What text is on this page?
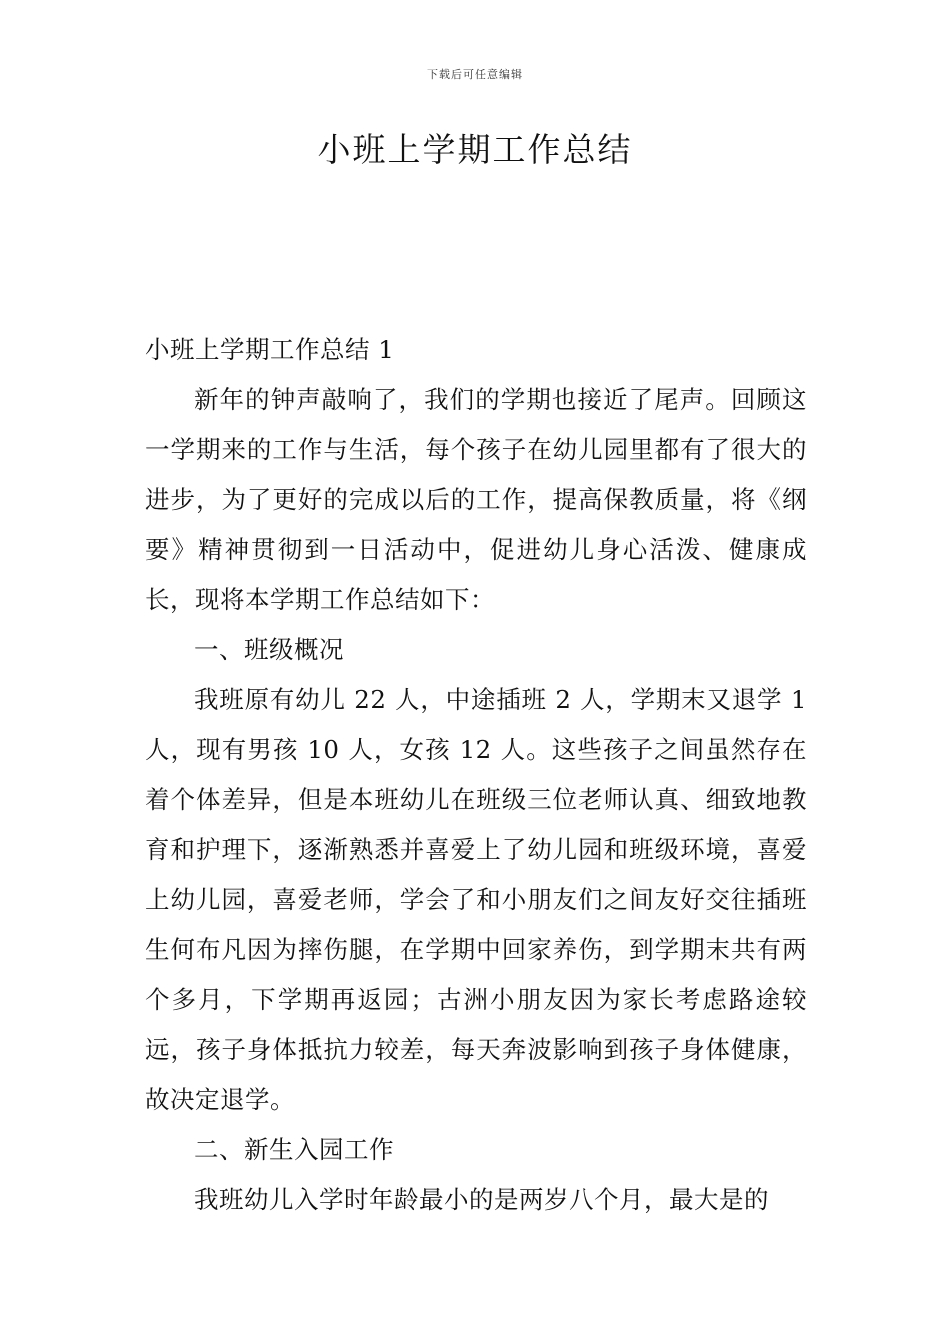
下载后可任意编辑
小班上学期工作总结

小班上学期工作总结 1

新年的钟声敲响了，我们的学期也接近了尾声。回顾这一学期来的工作与生活，每个孩子在幼儿园里都有了很大的进步，为了更好的完成以后的工作，提高保教质量，将《纲要》精神贯彻到一日活动中，促进幼儿身心活泼、健康成长，现将本学期工作总结如下：

一、班级概况

我班原有幼儿 22 人，中途插班 2 人，学期末又退学 1 人，现有男孩 10 人，女孩 12 人。这些孩子之间虽然存在着个体差异，但是本班幼儿在班级三位老师认真、细致地教育和护理下，逐渐熟悉并喜爱上了幼儿园和班级环境，喜爱上幼儿园，喜爱老师，学会了和小朋友们之间友好交往插班生何布凡因为摔伤腿，在学期中回家养伤，到学期末共有两个多月，下学期再返园；古洲小朋友因为家长考虑路途较远，孩子身体抵抗力较差，每天奔波影响到孩子身体健康，故决定退学。

二、新生入园工作

我班幼儿入学时年龄最小的是两岁八个月，最大是的
